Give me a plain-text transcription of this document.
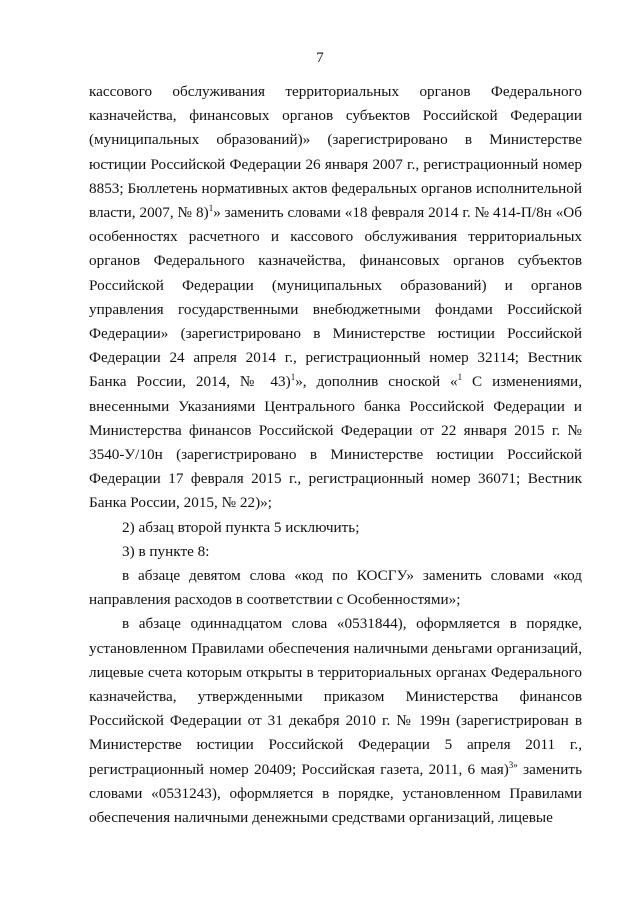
7

кассового обслуживания территориальных органов Федерального казначейства, финансовых органов субъектов Российской Федерации (муниципальных образований)» (зарегистрировано в Министерстве юстиции Российской Федерации 26 января 2007 г., регистрационный номер 8853; Бюллетень нормативных актов федеральных органов исполнительной власти, 2007, № 8)$^1$» заменить словами «18 февраля 2014 г. № 414-П/8н «Об особенностях расчетного и кассового обслуживания территориальных органов Федерального казначейства, финансовых органов субъектов Российской Федерации (муниципальных образований) и органов управления государственными внебюджетными фондами Российской Федерации» (зарегистрировано в Министерстве юстиции Российской Федерации 24 апреля 2014 г., регистрационный номер 32114; Вестник Банка России, 2014, № 43)$^1$», дополнив сноской «$^1$ С изменениями, внесенными Указаниями Центрального банка Российской Федерации и Министерства финансов Российской Федерации от 22 января 2015 г. № 3540-У/10н (зарегистрировано в Министерстве юстиции Российской Федерации 17 февраля 2015 г., регистрационный номер 36071; Вестник Банка России, 2015, № 22)»;

2) абзац второй пункта 5 исключить;

3) в пункте 8:

в абзаце девятом слова «код по КОСГУ» заменить словами «код направления расходов в соответствии с Особенностями»;

в абзаце одиннадцатом слова «0531844), оформляется в порядке, установленном Правилами обеспечения наличными деньгами организаций, лицевые счета которым открыты в территориальных органах Федерального казначейства, утвержденными приказом Министерства финансов Российской Федерации от 31 декабря 2010 г. № 199н (зарегистрирован в Министерстве юстиции Российской Федерации 5 апреля 2011 г., регистрационный номер 20409; Российская газета, 2011, 6 мая)$^{3»}$ заменить словами «0531243), оформляется в порядке, установленном Правилами обеспечения наличными денежными средствами организаций, лицевые
